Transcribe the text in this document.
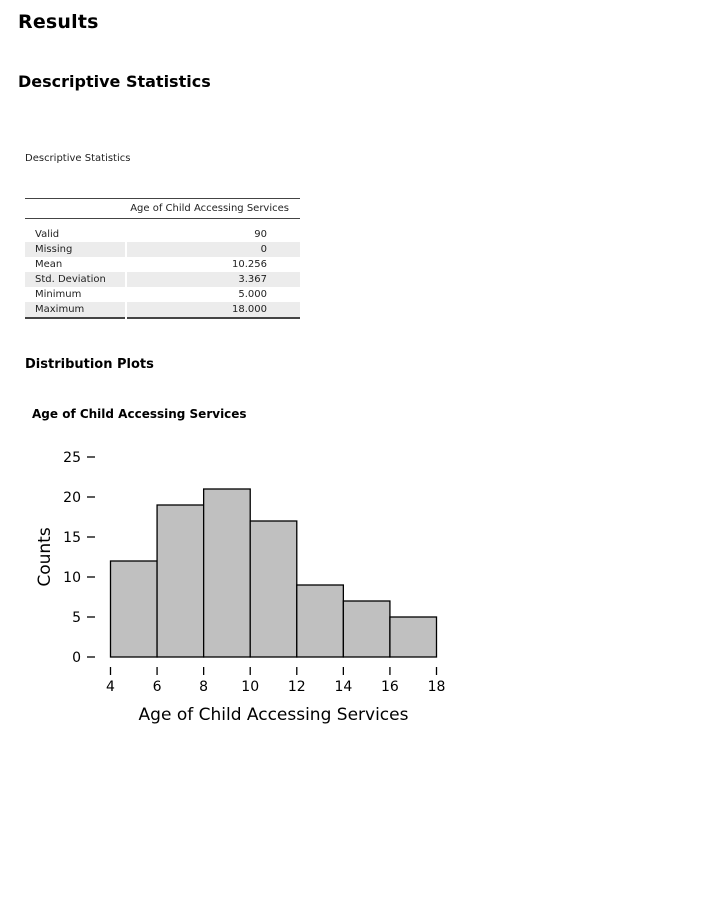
Results
Descriptive Statistics
Descriptive Statistics
	Age of Child Accessing Services

Valid	90
Missing	0
Mean	10.256
Std. Deviation	3.367
Minimum	5.000
Maximum	18.000
Distribution Plots
Age of Child Accessing Services
0
5
10
15
20
25
4	6	8 10 12 14 16 18
Counts
Age of Child Accessing Services
